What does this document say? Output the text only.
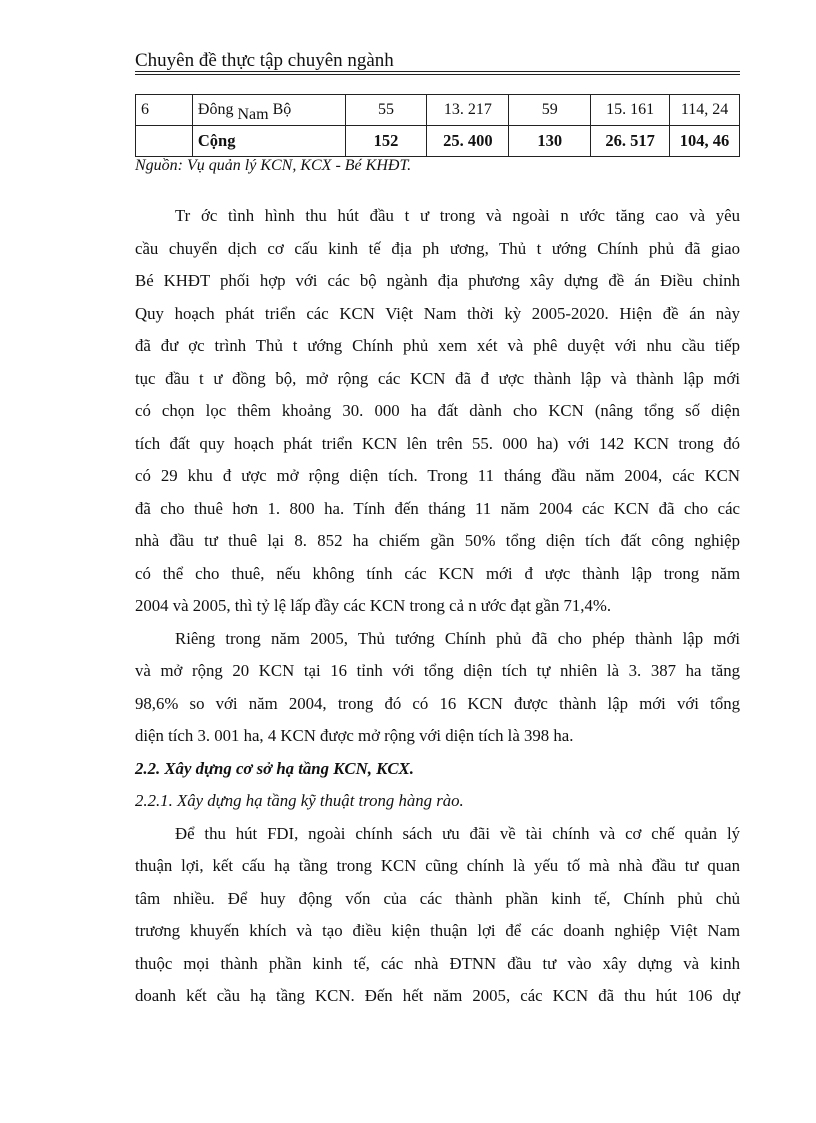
Chuyên đề thực tập chuyên ngành
6	Đông Nam Bộ	55	13. 217	59	15. 161	114, 24
	Cộng	152	25. 400	130	26. 517	104, 46
Nguồn: Vụ quản lý KCN, KCX - Bé KHĐT.

Tr ớc tình hình thu hút đầu t ư trong và ngoài n ước tăng cao và yêu
cầu chuyển dịch cơ cấu kinh tế địa ph ương, Thủ t ướng Chính phủ đã giao
Bé KHĐT phối hợp với các bộ ngành địa phương xây dựng đề án Điều chỉnh
Quy hoạch phát triển các KCN Việt Nam thời kỳ 2005-2020. Hiện đề án này
đã đư ợc trình Thủ t ướng Chính phủ xem xét và phê duyệt với nhu cầu tiếp
tục đầu t ư đồng bộ, mở rộng các KCN đã đ ược thành lập và thành lập mới
có chọn lọc thêm khoảng 30. 000 ha đất dành cho KCN (nâng tổng số diện
tích đất quy hoạch phát triển KCN lên trên 55. 000 ha) với 142 KCN trong đó
có 29 khu đ ược mở rộng diện tích. Trong 11 tháng đầu năm 2004, các KCN
đã cho thuê hơn 1. 800 ha. Tính đến tháng 11 năm 2004 các KCN đã cho các
nhà đầu tư thuê lại 8. 852 ha chiếm gần 50% tổng diện tích đất công nghiệp
có thể cho thuê, nếu không tính các KCN mới đ ược thành lập trong năm
2004 và 2005, thì tỷ lệ lấp đầy các KCN trong cả n ước đạt gần 71,4%.

Riêng trong năm 2005, Thủ tướng Chính phủ đã cho phép thành lập mới
và mở rộng 20 KCN tại 16 tỉnh với tổng diện tích tự nhiên là 3. 387 ha tăng
98,6% so với năm 2004, trong đó có 16 KCN được thành lập mới với tổng
diện tích 3. 001 ha, 4 KCN được mở rộng với diện tích là 398 ha.

2.2. Xây dựng cơ sở hạ tầng KCN, KCX.

2.2.1. Xây dựng hạ tầng kỹ thuật trong hàng rào.

Để thu hút FDI, ngoài chính sách ưu đãi về tài chính và cơ chế quản lý
thuận lợi, kết cấu hạ tầng trong KCN cũng chính là yếu tố mà nhà đầu tư quan
tâm nhiều. Để huy động vốn của các thành phần kinh tế, Chính phủ chủ
trương khuyến khích và tạo điều kiện thuận lợi để các doanh nghiệp Việt Nam
thuộc mọi thành phần kinh tế, các nhà ĐTNN đầu tư vào xây dựng và kinh
doanh kết cầu hạ tầng KCN. Đến hết năm 2005, các KCN đã thu hút 106 dự
